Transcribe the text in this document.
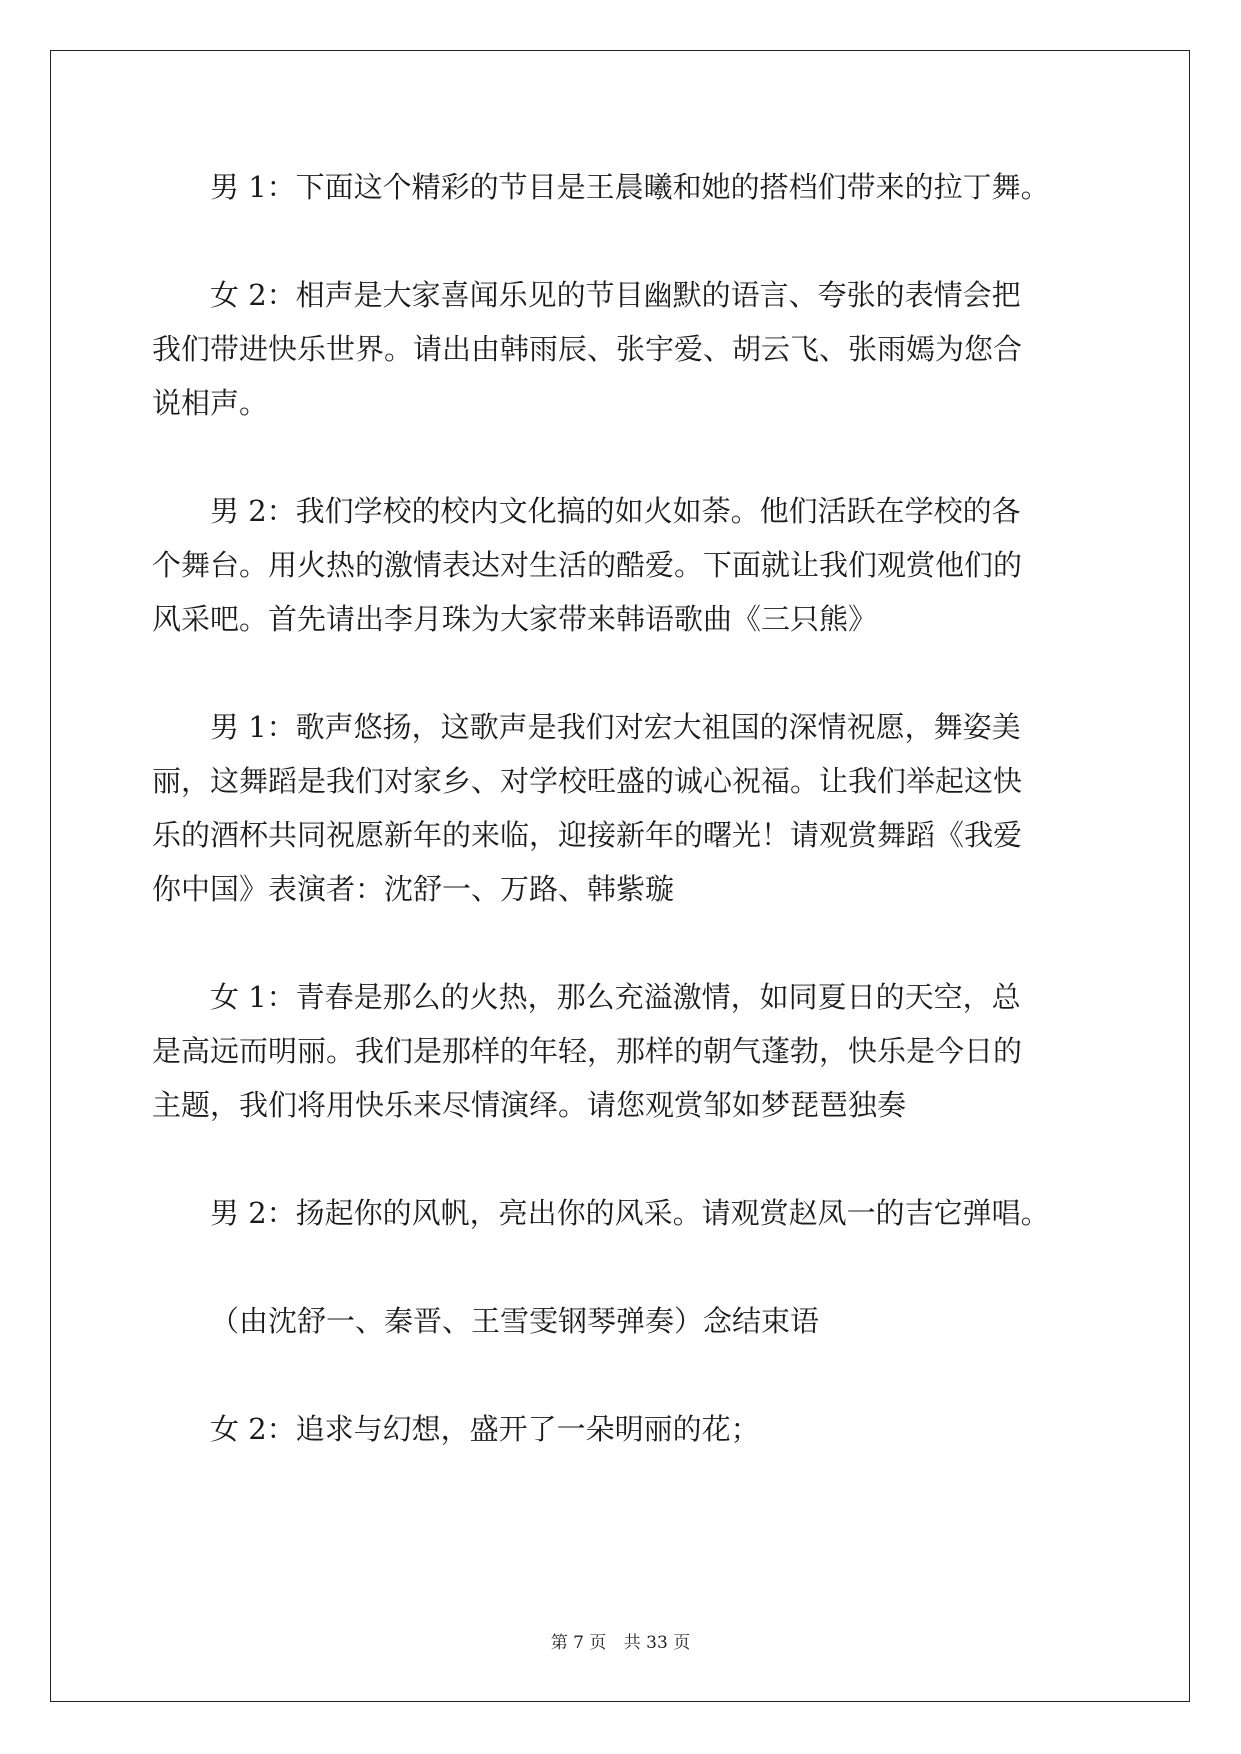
男 1：下面这个精彩的节目是王晨曦和她的搭档们带来的拉丁舞。

女 2：相声是大家喜闻乐见的节目幽默的语言、夸张的表情会把
我们带进快乐世界。请出由韩雨辰、张宇爱、胡云飞、张雨嫣为您合
说相声。

男 2：我们学校的校内文化搞的如火如荼。他们活跃在学校的各
个舞台。用火热的激情表达对生活的酷爱。下面就让我们观赏他们的
风采吧。首先请出李月珠为大家带来韩语歌曲《三只熊》

男 1：歌声悠扬，这歌声是我们对宏大祖国的深情祝愿，舞姿美
丽，这舞蹈是我们对家乡、对学校旺盛的诚心祝福。让我们举起这快
乐的酒杯共同祝愿新年的来临，迎接新年的曙光！请观赏舞蹈《我爱
你中国》表演者：沈舒一、万路、韩紫璇

女 1：青春是那么的火热，那么充溢激情，如同夏日的天空，总
是高远而明丽。我们是那样的年轻，那样的朝气蓬勃，快乐是今日的
主题，我们将用快乐来尽情演绎。请您观赏邹如梦琵琶独奏

男 2：扬起你的风帆，亮出你的风采。请观赏赵凤一的吉它弹唱。

（由沈舒一、秦晋、王雪雯钢琴弹奏）念结束语

女 2：追求与幻想，盛开了一朵明丽的花；

第 7 页 共 33 页
